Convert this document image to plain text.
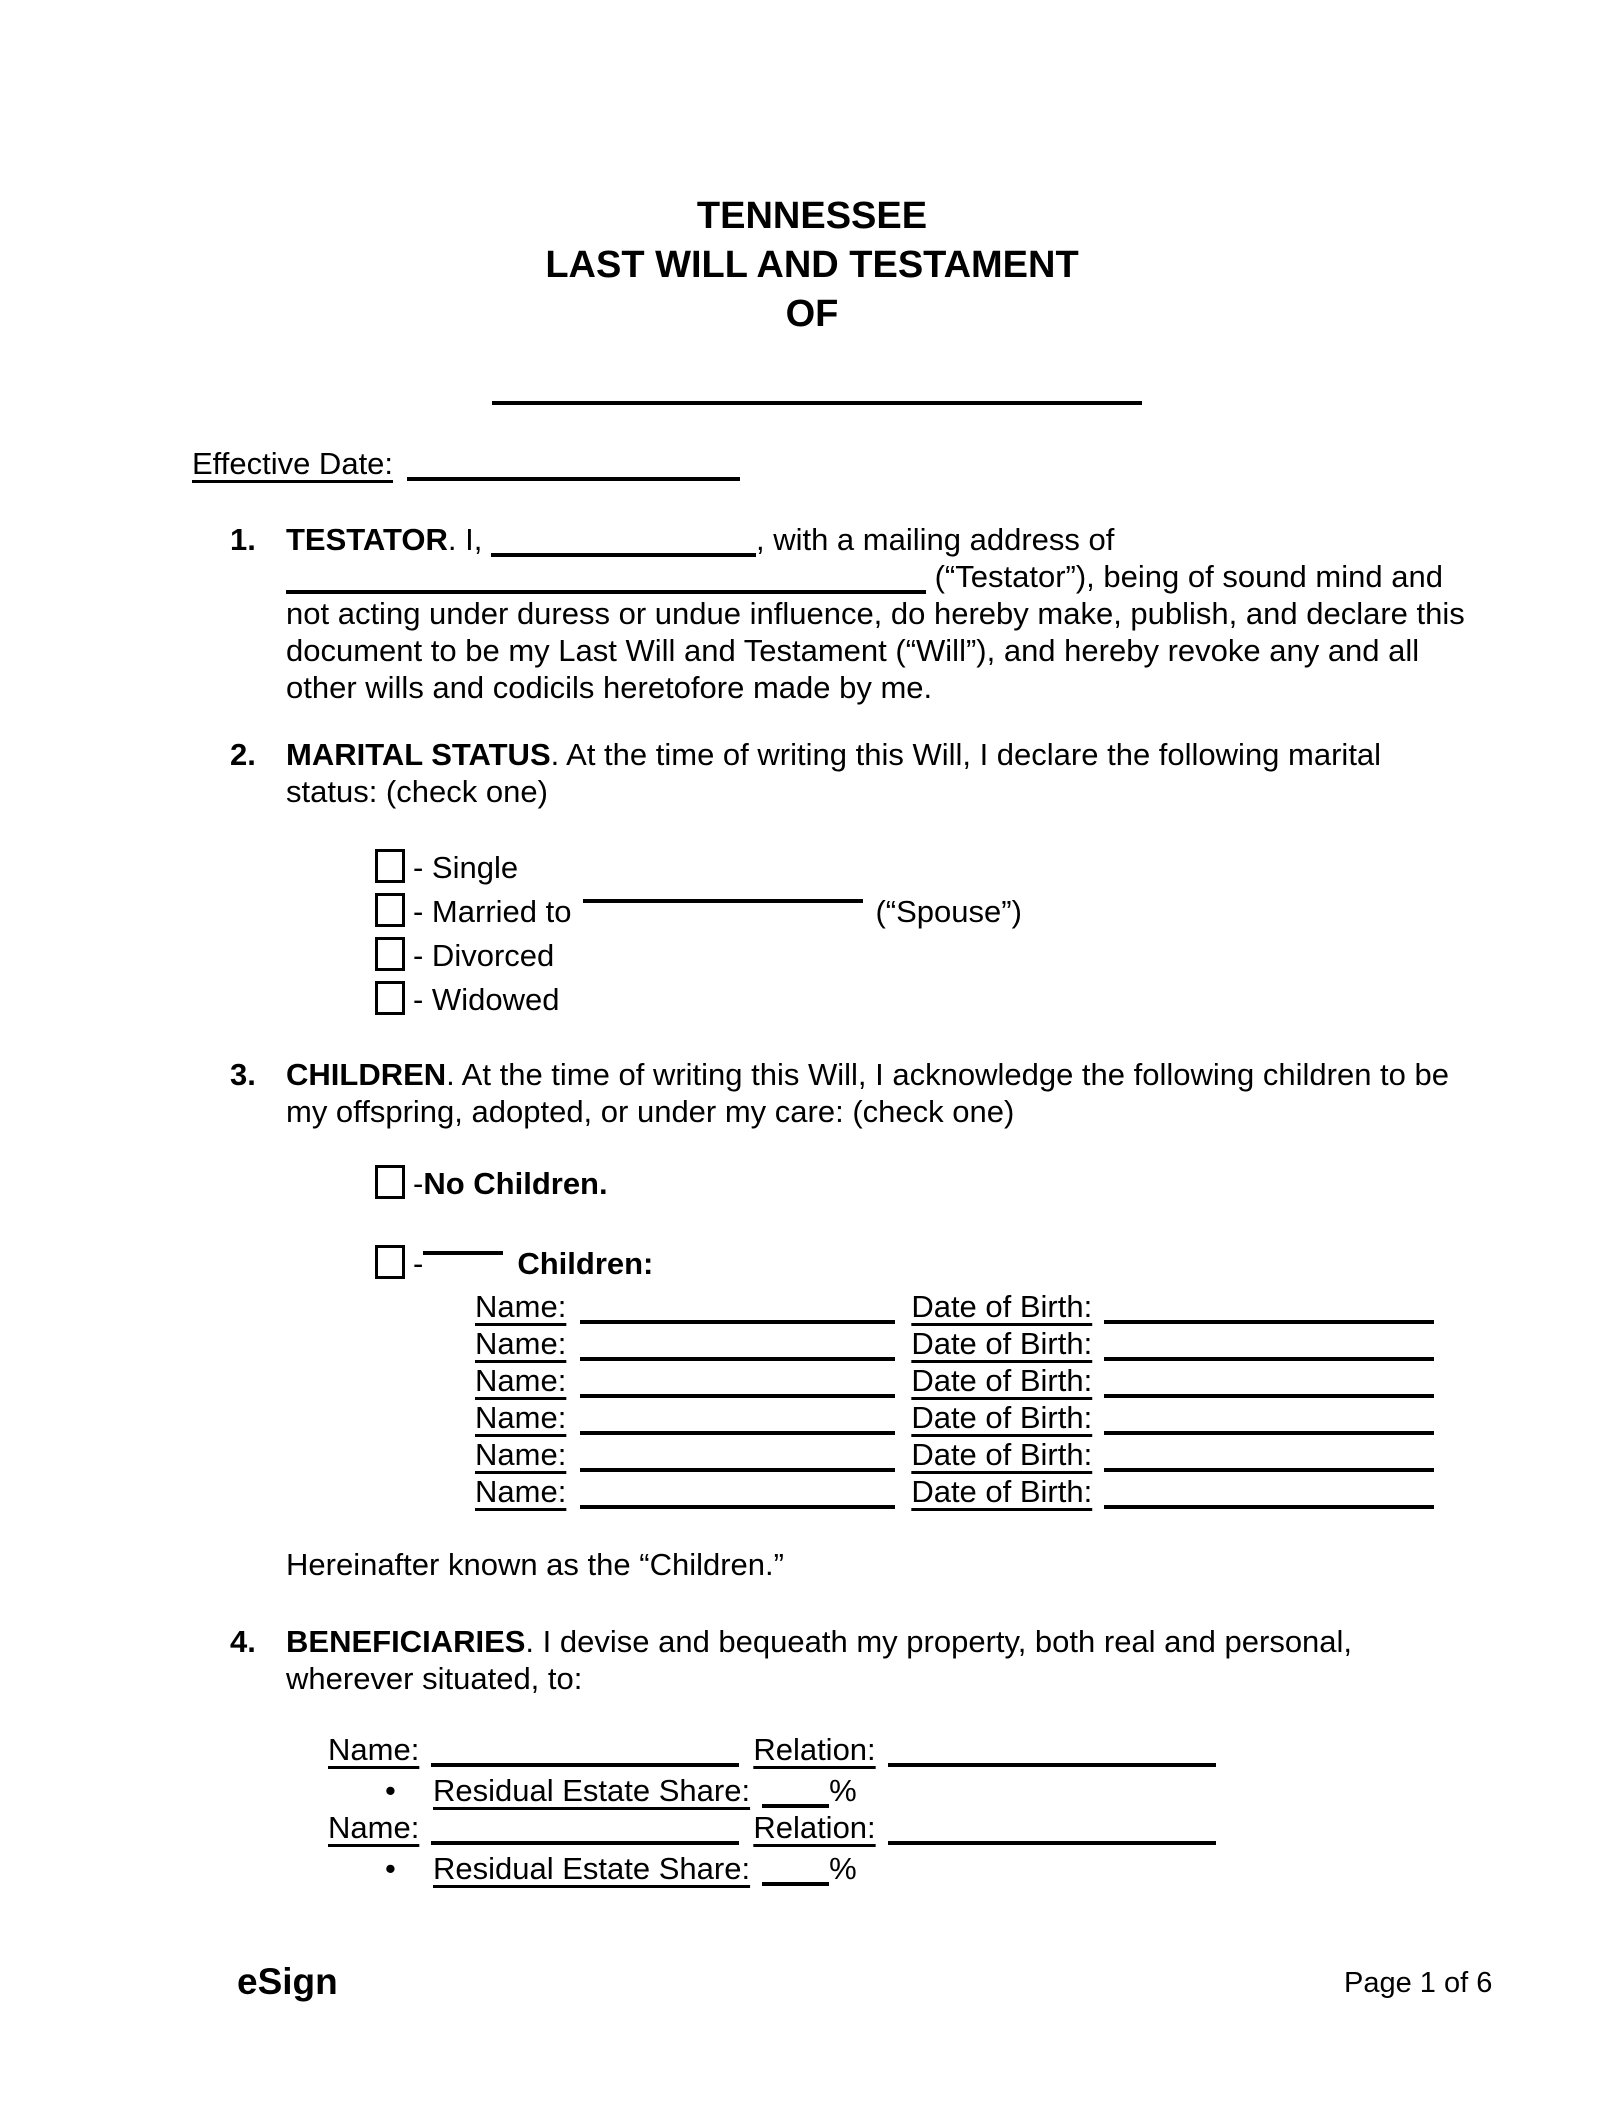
TENNESSEE
LAST WILL AND TESTAMENT
OF
Effective Date:
1. TESTATOR. I,	, with a mailing address of  (“Testator”), being of sound mind and not acting under duress or undue influence, do hereby make, publish, and declare this document to be my Last Will and Testament (“Will”), and hereby revoke any and all other wills and codicils heretofore made by me.
2. MARITAL STATUS. At the time of writing this Will, I declare the following marital status: (check one)
- Single
- Married to	(“Spouse”)
- Divorced
- Widowed
3. CHILDREN. At the time of writing this Will, I acknowledge the following children to be my offspring, adopted, or under my care: (check one)
- No Children.
-	Children:
Name:	Date of Birth:
Name:	Date of Birth:
Name:	Date of Birth:
Name:	Date of Birth:
Name:	Date of Birth:
Name:	Date of Birth:
Hereinafter known as the “Children.”
4. BENEFICIARIES. I devise and bequeath my property, both real and personal, wherever situated, to:
Name:	Relation:
• Residual Estate Share:	%
Name:	Relation:
• Residual Estate Share:	%
eSign	Page 1 of 6
